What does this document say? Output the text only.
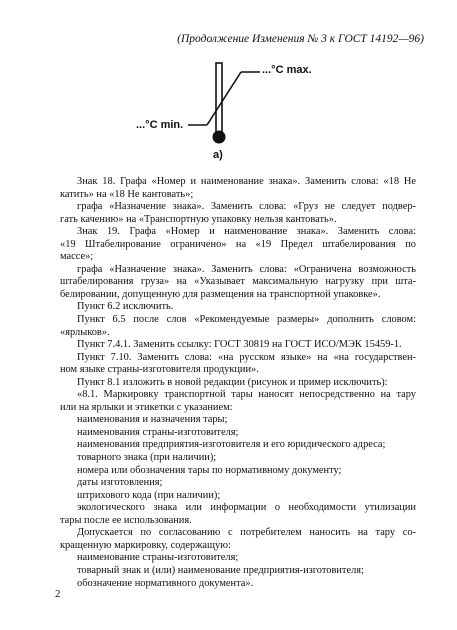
(Продолжение Изменения № 3 к ГОСТ 14192—96)
...°C max.
...°C min.
а)
Знак 18. Графа «Номер и наименование знака». Заменить слова: «18 Не
катить» на «18 Не кантовать»;
графа «Назначение знака». Заменить слова: «Груз не следует подвер-
гать качению» на «Транспортную упаковку нельзя кантовать».
Знак 19. Графа «Номер и наименование знака». Заменить слова:
«19 Штабелирование ограничено» на «19 Предел штабелирования по
массе»;
графа «Назначение знака». Заменить слова: «Ограничена возможность
штабелирования груза» на «Указывает максимальную нагрузку при шта-
белировании, допущенную для размещения на транспортной упаковке».
Пункт 6.2 исключить.
Пункт 6.5 после слов «Рекомендуемые размеры» дополнить словом:
«ярлыков».
Пункт 7.4.1. Заменить ссылку: ГОСТ 30819 на ГОСТ ИСО/МЭК 15459-1.
Пункт 7.10. Заменить слова: «на русском языке» на «на государствен-
ном языке страны-изготовителя продукции».
Пункт 8.1 изложить в новой редакции (рисунок и пример исключить):
«8.1. Маркировку транспортной тары наносят непосредственно на тару
или на ярлыки и этикетки с указанием:
наименования и назначения тары;
наименования страны-изготовителя;
наименования предприятия-изготовителя и его юридического адреса;
товарного знака (при наличии);
номера или обозначения тары по нормативному документу;
даты изготовления;
штрихового кода (при наличии);
экологического знака или информации о необходимости утилизации
тары после ее использования.
Допускается по согласованию с потребителем наносить на тару со-
кращенную маркировку, содержащую:
наименование страны-изготовителя;
товарный знак и (или) наименование предприятия-изготовителя;
обозначение нормативного документа».
2
